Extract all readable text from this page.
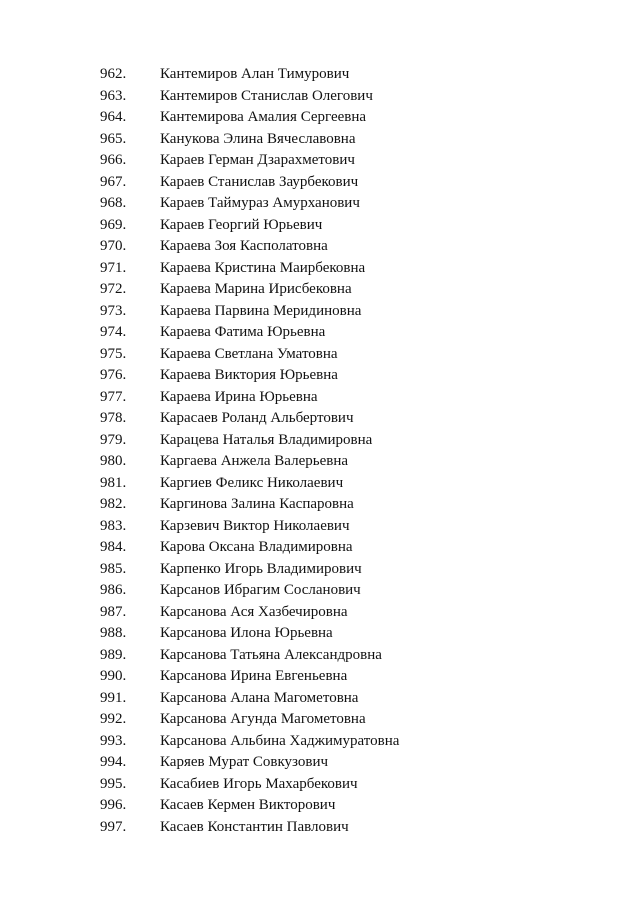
962. Кантемиров Алан Тимурович
963. Кантемиров Станислав Олегович
964. Кантемирова Амалия Сергеевна
965. Канукова Элина Вячеславовна
966. Караев Герман Дзарахметович
967. Караев Станислав Заурбекович
968. Караев Таймураз Амурханович
969. Караев Георгий Юрьевич
970. Караева Зоя Касполатовна
971. Караева Кристина Маирбековна
972. Караева Марина Ирисбековна
973. Караева Парвина Меридиновна
974. Караева Фатима Юрьевна
975. Караева Светлана Уматовна
976. Караева Виктория Юрьевна
977. Караева Ирина Юрьевна
978. Карасаев Роланд Альбертович
979. Карацева Наталья Владимировна
980. Каргаева Анжела Валерьевна
981. Каргиев Феликс Николаевич
982. Каргинова Залина Каспаровна
983. Карзевич Виктор Николаевич
984. Карова Оксана Владимировна
985. Карпенко Игорь Владимирович
986. Карсанов Ибрагим Сосланович
987. Карсанова Ася Хазбечировна
988. Карсанова Илона Юрьевна
989. Карсанова Татьяна Александровна
990. Карсанова Ирина Евгеньевна
991. Карсанова Алана Магометовна
992. Карсанова Агунда Магометовна
993. Карсанова Альбина Хаджимуратовна
994. Каряев Мурат Совкузович
995. Касабиев Игорь Махарбекович
996. Касаев Кермен Викторович
997. Касаев Константин Павлович
